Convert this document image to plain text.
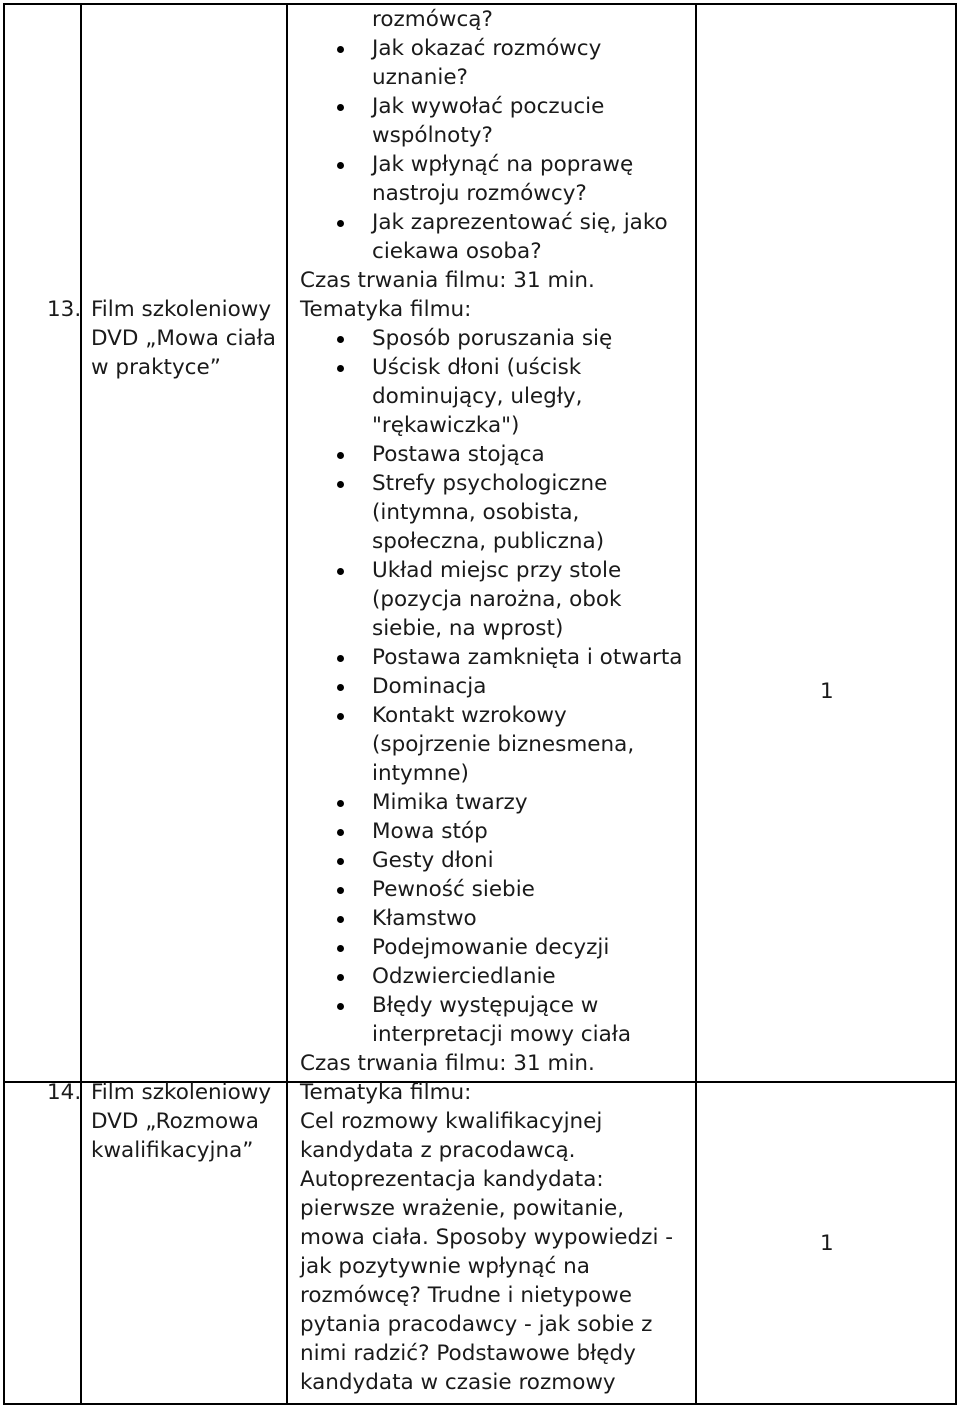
rozmówcą?
Jak okazać rozmówcy
uznanie?
Jak wywołać poczucie
wspólnoty?
Jak wpłynąć na poprawę
nastroju rozmówcy?
Jak zaprezentować się, jako
ciekawa osoba?
Czas trwania filmu: 31 min.
Tematyka filmu:
Sposób poruszania się
Uścisk dłoni (uścisk
dominujący, uległy,
"rękawiczka")
Postawa stojąca
Strefy psychologiczne
(intymna, osobista,
społeczna, publiczna)
Układ miejsc przy stole
(pozycja narożna, obok
siebie, na wprost)
Postawa zamknięta i otwarta
Dominacja
Kontakt wzrokowy
(spojrzenie biznesmena,
intymne)
Mimika twarzy
Mowa stóp
Gesty dłoni
Pewność siebie
Kłamstwo
Podejmowanie decyzji
Odzwierciedlanie
Błędy występujące w
interpretacji mowy ciała
Czas trwania filmu: 31 min.
13. Film szkoleniowy
DVD „Mowa ciała
w praktyce”
1
14. Film szkoleniowy
DVD „Rozmowa
kwalifikacyjna”
Tematyka filmu:
Cel rozmowy kwalifikacyjnej
kandydata z pracodawcą.
Autoprezentacja kandydata:
pierwsze wrażenie, powitanie,
mowa ciała. Sposoby wypowiedzi -
jak pozytywnie wpłynąć na
rozmówcę? Trudne i nietypowe
pytania pracodawcy - jak sobie z
nimi radzić? Podstawowe błędy
kandydata w czasie rozmowy
1
